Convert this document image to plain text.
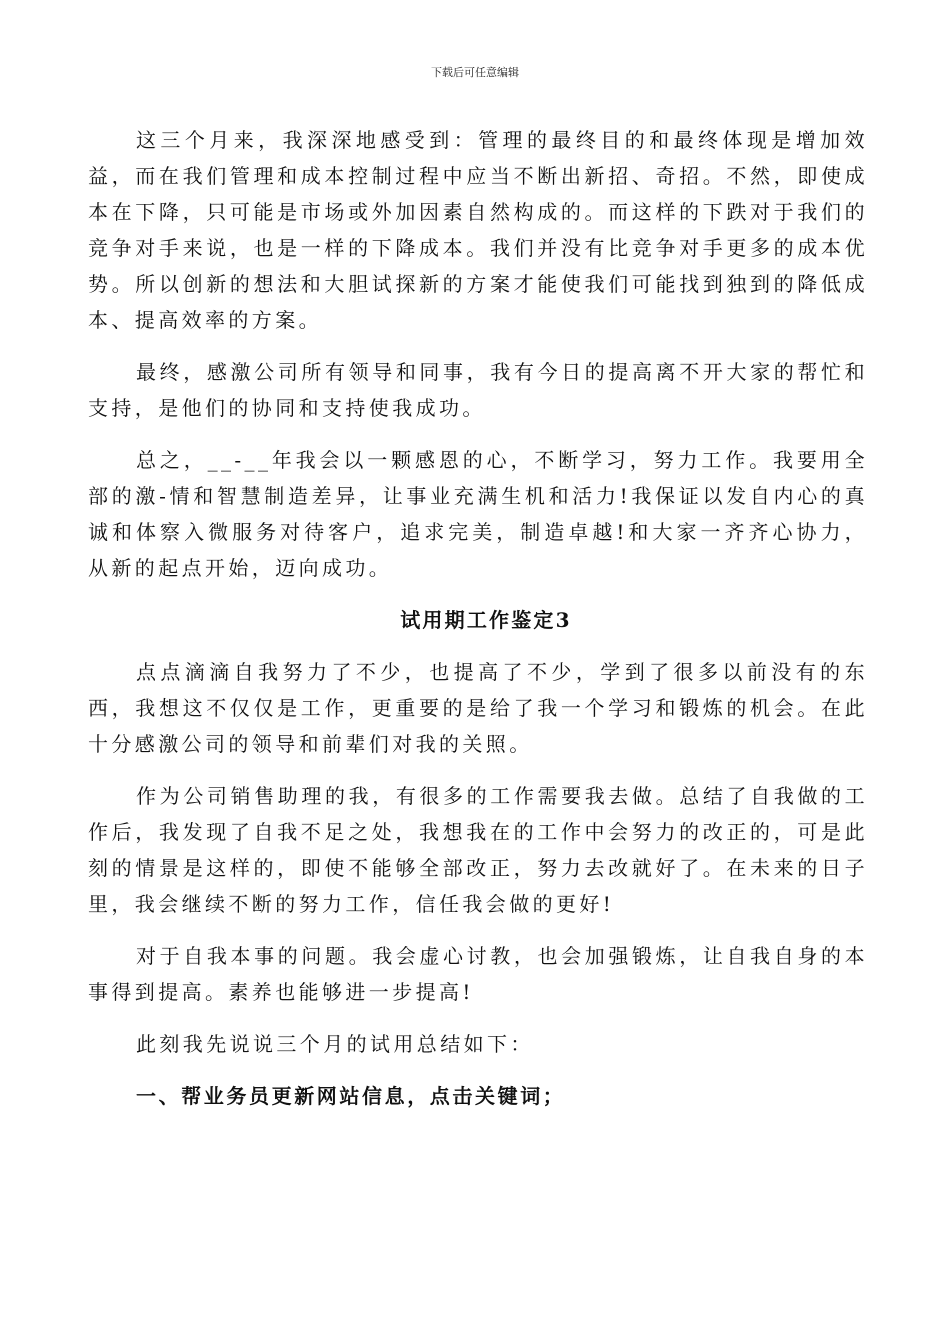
下载后可任意编辑

这三个月来，我深深地感受到：管理的最终目的和最终体现是增加效益，而在我们管理和成本控制过程中应当不断出新招、奇招。不然，即使成本在下降，只可能是市场或外加因素自然构成的。而这样的下跌对于我们的竞争对手来说，也是一样的下降成本。我们并没有比竞争对手更多的成本优势。所以创新的想法和大胆试探新的方案才能使我们可能找到独到的降低成本、提高效率的方案。

最终，感激公司所有领导和同事，我有今日的提高离不开大家的帮忙和支持，是他们的协同和支持使我成功。

总之，__-__年我会以一颗感恩的心，不断学习，努力工作。我要用全部的激-情和智慧制造差异，让事业充满生机和活力!我保证以发自内心的真诚和体察入微服务对待客户，追求完美，制造卓越!和大家一齐齐心协力，从新的起点开始，迈向成功。

试用期工作鉴定3

点点滴滴自我努力了不少，也提高了不少，学到了很多以前没有的东西，我想这不仅仅是工作，更重要的是给了我一个学习和锻炼的机会。在此十分感激公司的领导和前辈们对我的关照。

作为公司销售助理的我，有很多的工作需要我去做。总结了自我做的工作后，我发现了自我不足之处，我想我在的工作中会努力的改正的，可是此刻的情景是这样的，即使不能够全部改正，努力去改就好了。在未来的日子里，我会继续不断的努力工作，信任我会做的更好!

对于自我本事的问题。我会虚心讨教，也会加强锻炼，让自我自身的本事得到提高。素养也能够进一步提高!

此刻我先说说三个月的试用总结如下：

一、帮业务员更新网站信息，点击关键词；
